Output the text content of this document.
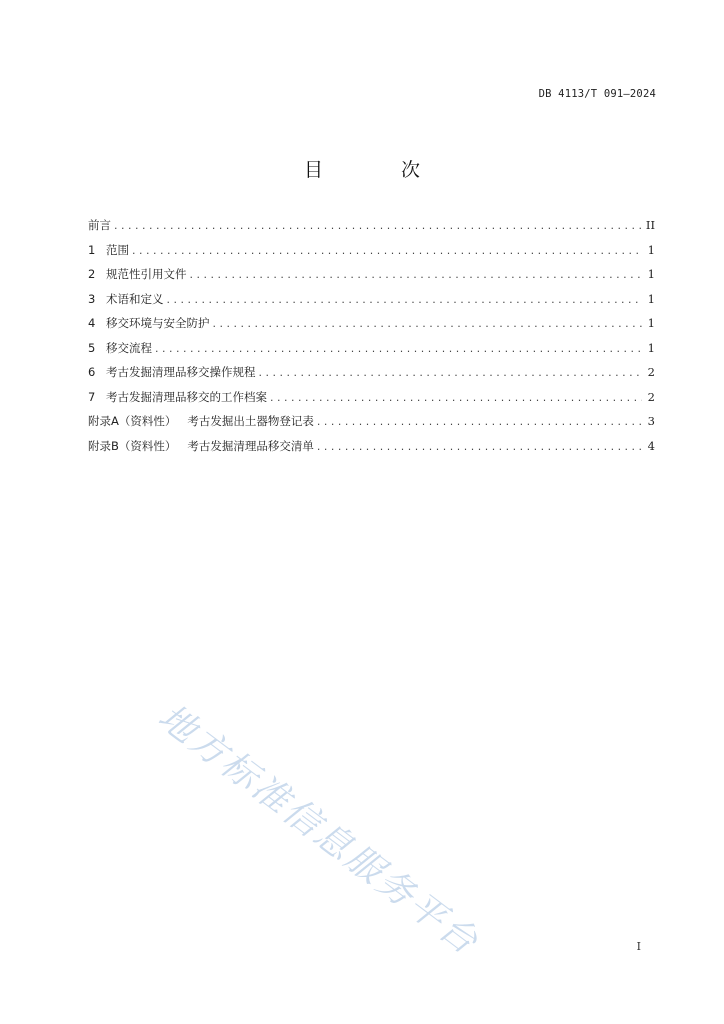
DB 4113/T 091—2024
目 次
前言 . . .	II
1 范围 . . .	1
2 规范性引用文件 . . .	1
3 术语和定义 . . .	1
4 移交环境与安全防护 . . .	1
5 移交流程 . . .	1
6 考古发掘清理品移交操作规程 . . .	2
7 考古发掘清理品移交的工作档案 . . .	2
附录A（资料性）   考古发掘出土器物登记表 . . .	3
附录B（资料性）   考古发掘清理品移交清单 . . .	4
地方标准信息服务平台	I
